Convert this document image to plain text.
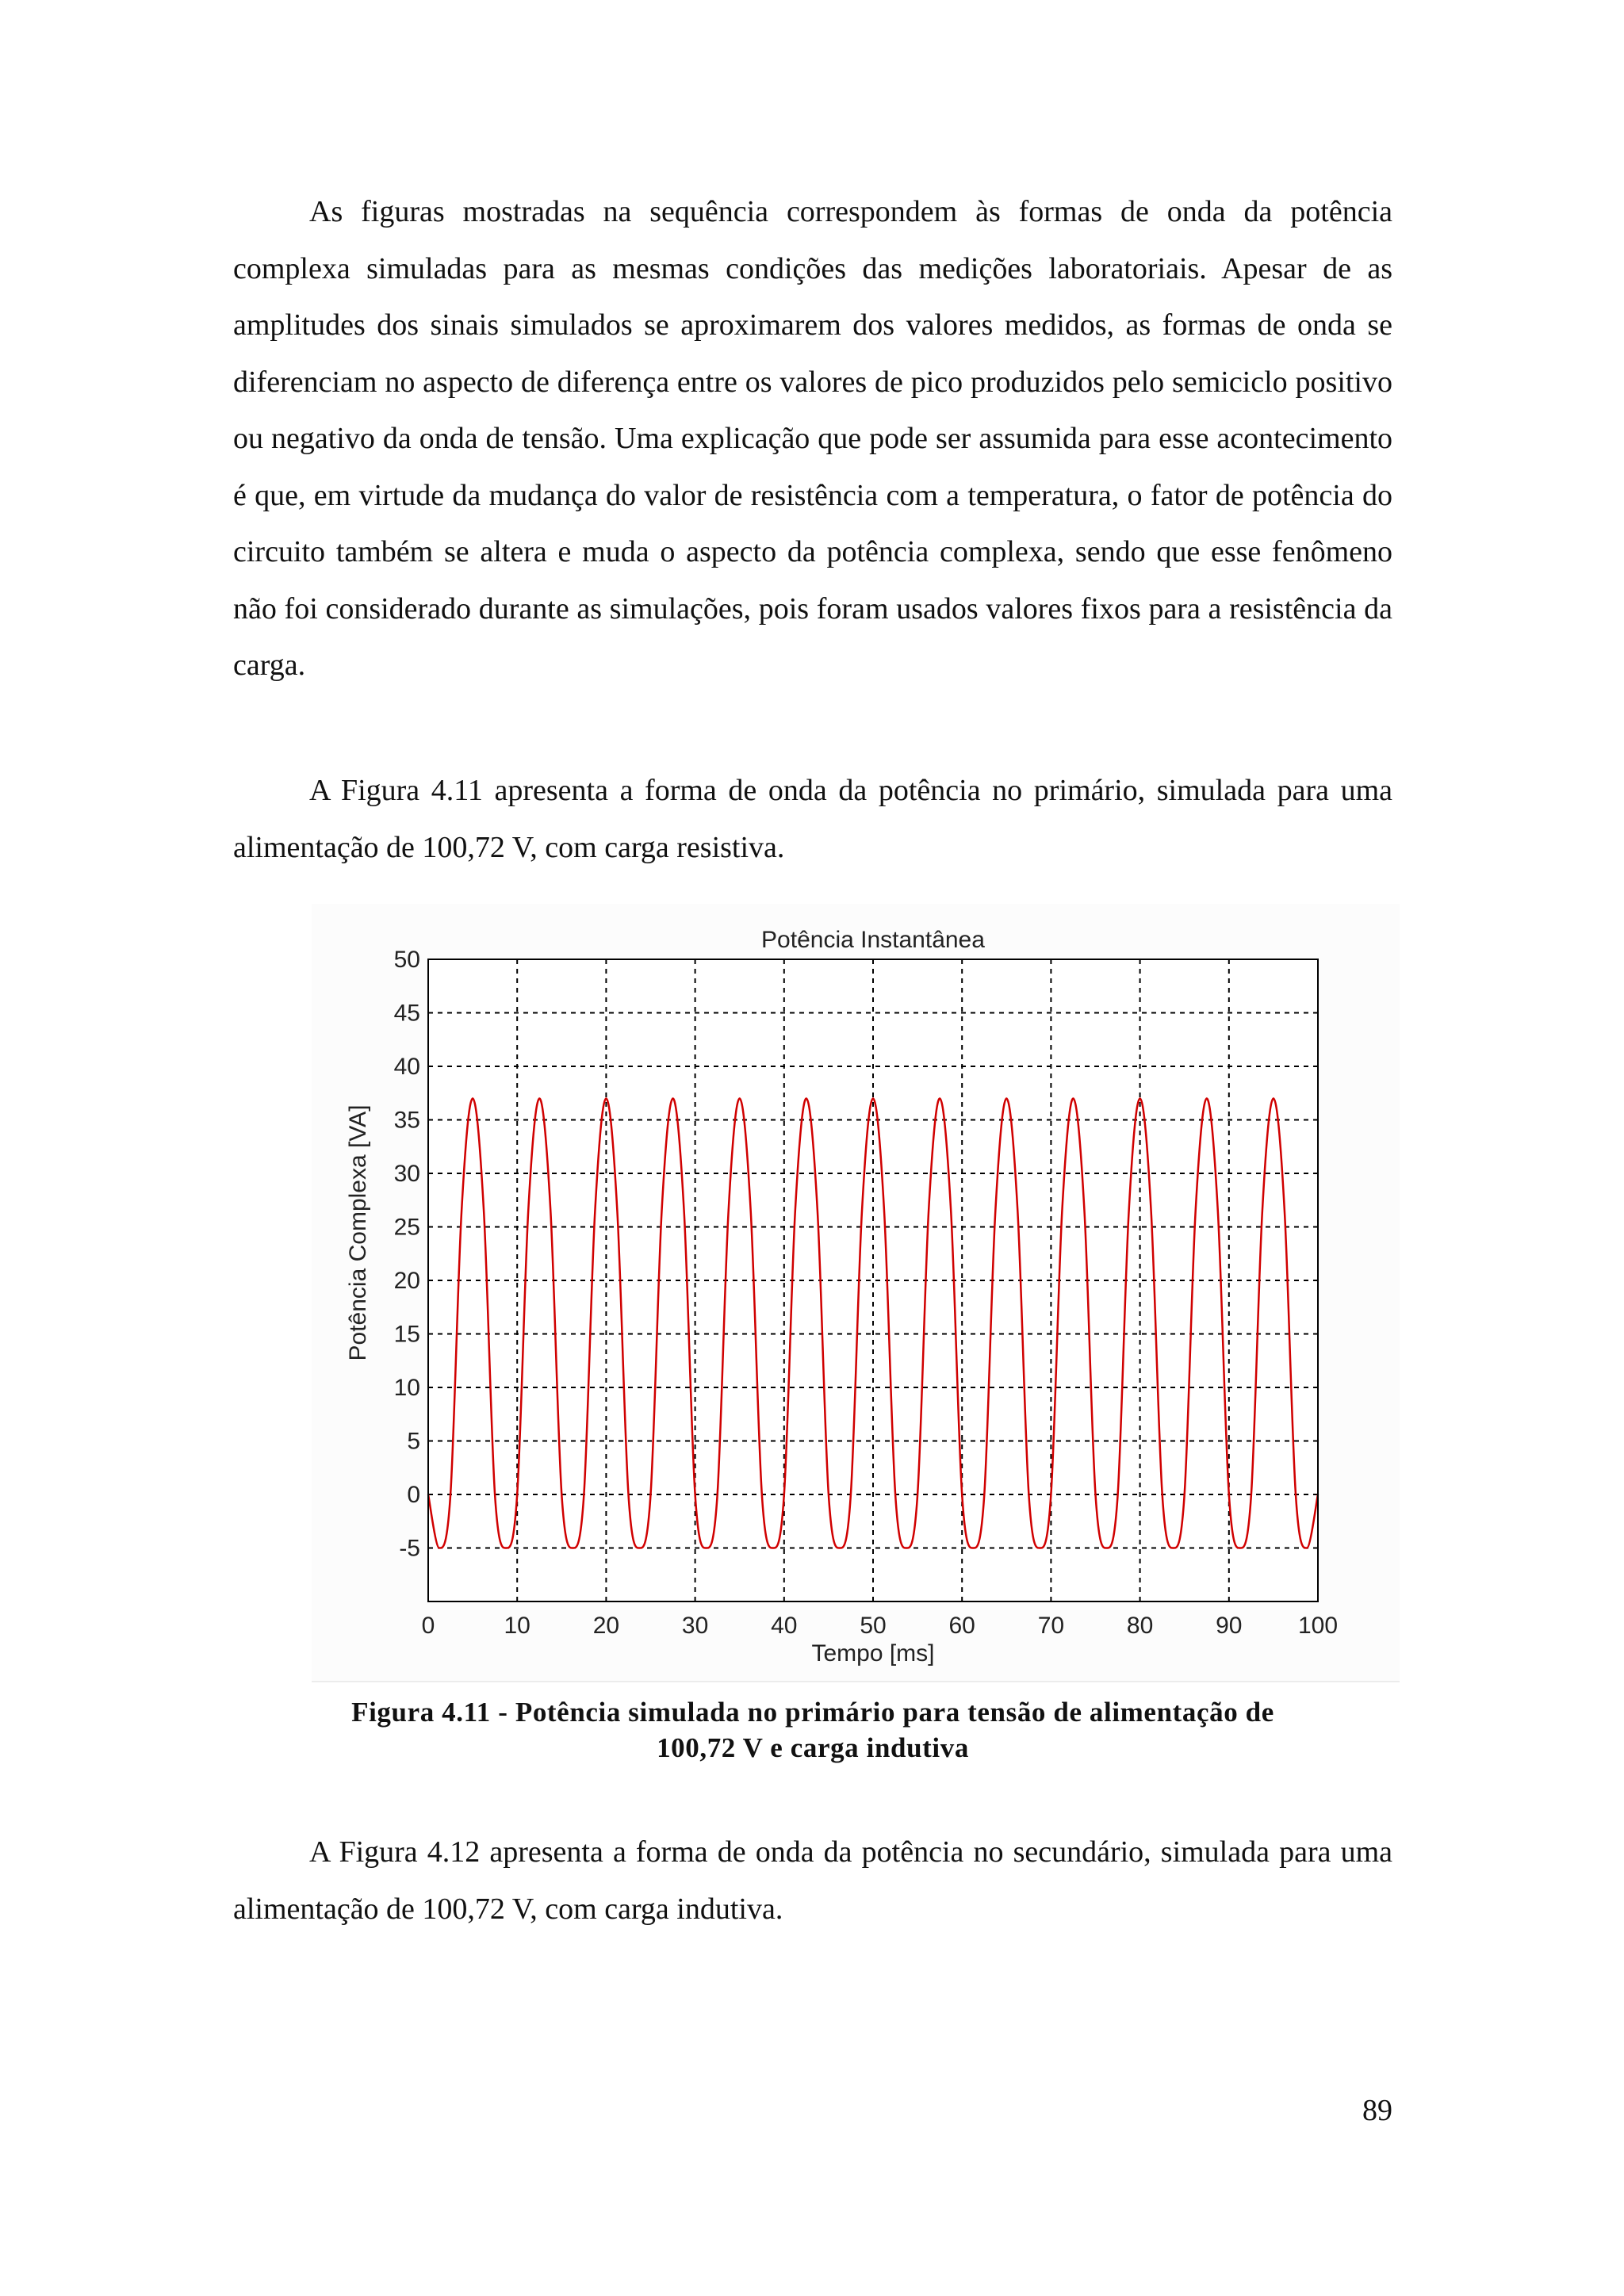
As figuras mostradas na sequência correspondem às formas de onda da potência complexa simuladas para as mesmas condições das medições laboratoriais. Apesar de as amplitudes dos sinais simulados se aproximarem dos valores medidos, as formas de onda se diferenciam no aspecto de diferença entre os valores de pico produzidos pelo semiciclo positivo ou negativo da onda de tensão. Uma explicação que pode ser assumida para esse acontecimento é que, em virtude da mudança do valor de resistência com a temperatura, o fator de potência do circuito também se altera e muda o aspecto da potência complexa, sendo que esse fenômeno não foi considerado durante as simulações, pois foram usados valores fixos para a resistência da carga.

A Figura 4.11 apresenta a forma de onda da potência no primário, simulada para uma alimentação de 100,72 V, com carga resistiva.

0	10	20	30	40	50	60	70	80	90 100
-5
0
5
10
15
20
25
30
35
40
45
50
Potência Instantânea
Tempo [ms]
Potência Complexa [VA]
Figura 4.11 - Potência simulada no primário para tensão de alimentação de
100,72 V e carga indutiva

A Figura 4.12 apresenta a forma de onda da potência no secundário, simulada para uma alimentação de 100,72 V, com carga indutiva.

89
